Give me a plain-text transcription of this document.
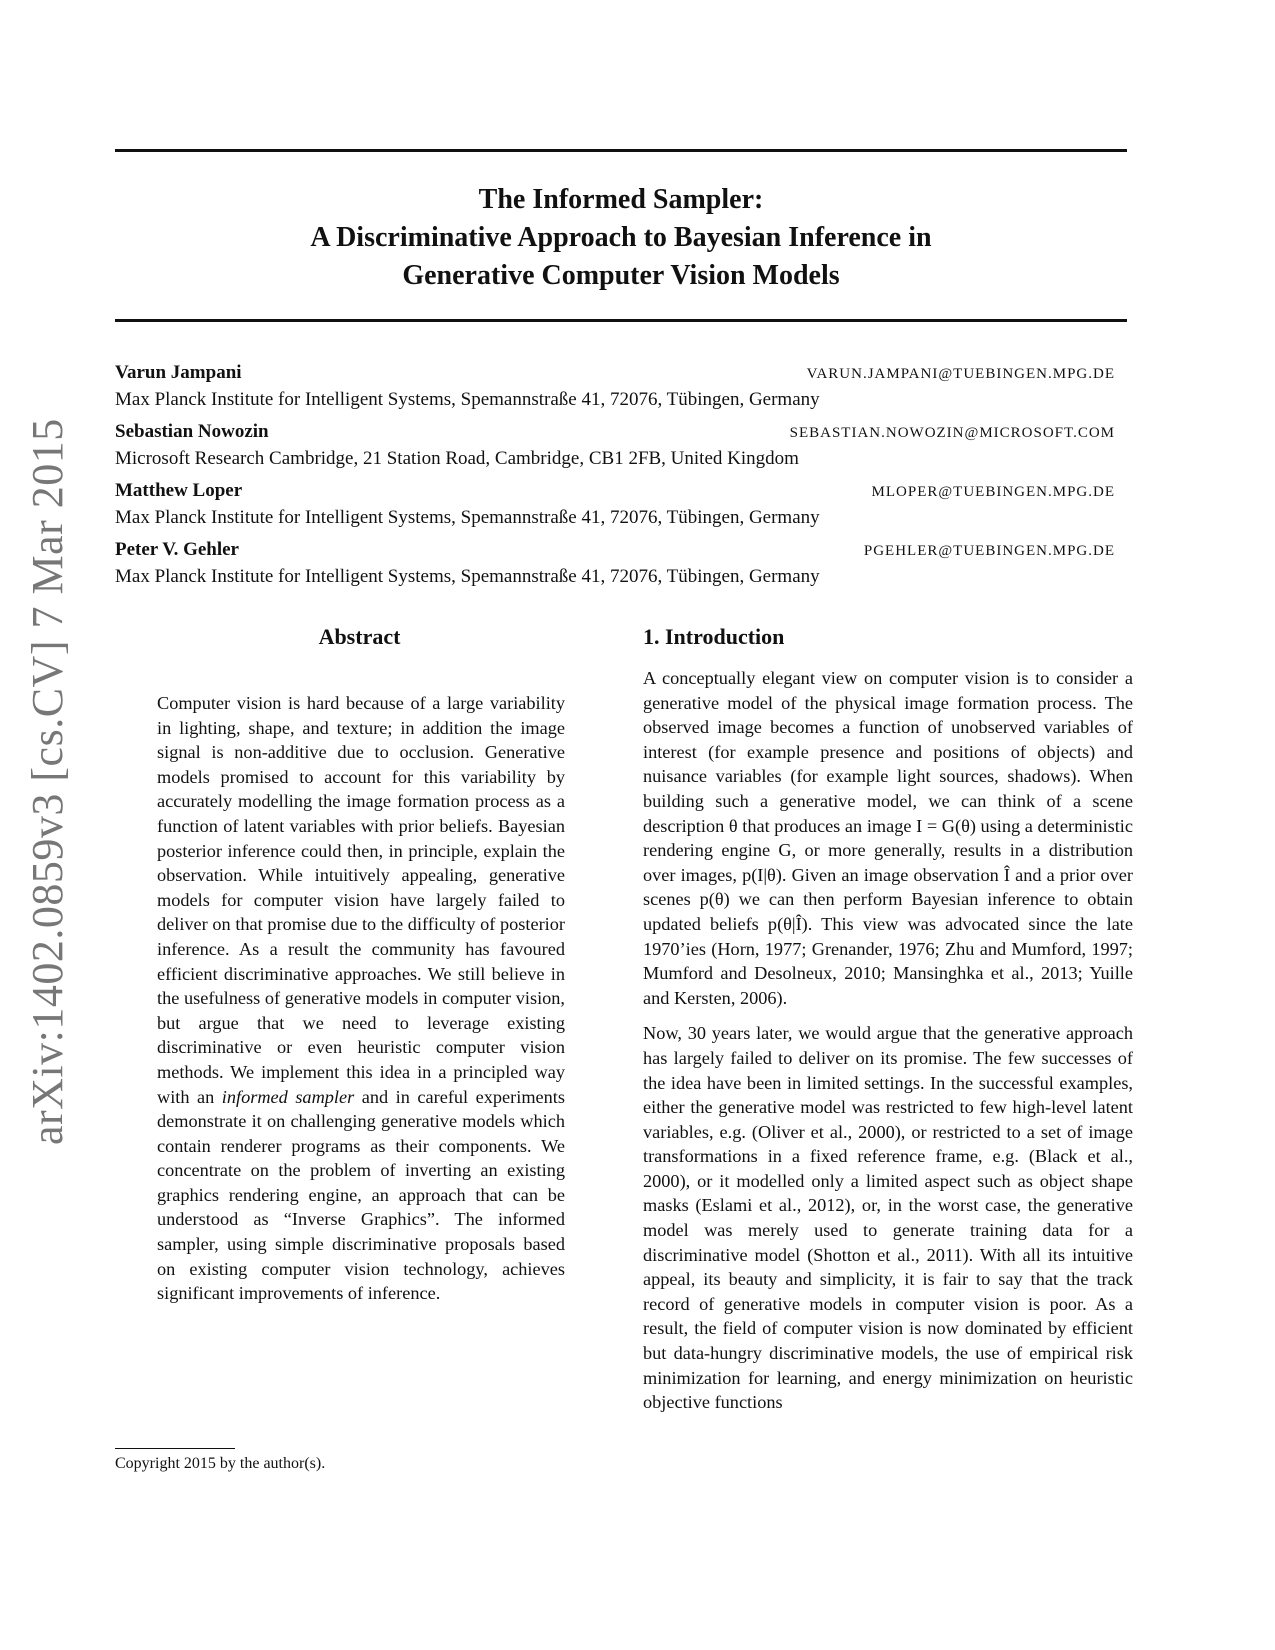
arXiv:1402.0859v3 [cs.CV] 7 Mar 2015
The Informed Sampler:
A Discriminative Approach to Bayesian Inference in
Generative Computer Vision Models
Varun Jampani	VARUN.JAMPANI@TUEBINGEN.MPG.DE
Max Planck Institute for Intelligent Systems, Spemannstraße 41, 72076, Tübingen, Germany
Sebastian Nowozin	SEBASTIAN.NOWOZIN@MICROSOFT.COM
Microsoft Research Cambridge, 21 Station Road, Cambridge, CB1 2FB, United Kingdom
Matthew Loper	MLOPER@TUEBINGEN.MPG.DE
Max Planck Institute for Intelligent Systems, Spemannstraße 41, 72076, Tübingen, Germany
Peter V. Gehler	PGEHLER@TUEBINGEN.MPG.DE
Max Planck Institute for Intelligent Systems, Spemannstraße 41, 72076, Tübingen, Germany
Abstract
Computer vision is hard because of a large variability in lighting, shape, and texture; in addition the image signal is non-additive due to occlusion. Generative models promised to account for this variability by accurately modelling the image formation process as a function of latent variables with prior beliefs. Bayesian posterior inference could then, in principle, explain the observation. While intuitively appealing, generative models for computer vision have largely failed to deliver on that promise due to the difficulty of posterior inference. As a result the community has favoured efficient discriminative approaches. We still believe in the usefulness of generative models in computer vision, but argue that we need to leverage existing discriminative or even heuristic computer vision methods. We implement this idea in a principled way with an informed sampler and in careful experiments demonstrate it on challenging generative models which contain renderer programs as their components. We concentrate on the problem of inverting an existing graphics rendering engine, an approach that can be understood as “Inverse Graphics”. The informed sampler, using simple discriminative proposals based on existing computer vision technology, achieves significant improvements of inference.
Copyright 2015 by the author(s).
1. Introduction

A conceptually elegant view on computer vision is to consider a generative model of the physical image formation process. The observed image becomes a function of unobserved variables of interest (for example presence and positions of objects) and nuisance variables (for example light sources, shadows). When building such a generative model, we can think of a scene description θ that produces an image I = G(θ) using a deterministic rendering engine G, or more generally, results in a distribution over images, p(I|θ). Given an image observation Î and a prior over scenes p(θ) we can then perform Bayesian inference to obtain updated beliefs p(θ|Î). This view was advocated since the late 1970’ies (Horn, 1977; Grenander, 1976; Zhu and Mumford, 1997; Mumford and Desolneux, 2010; Mansinghka et al., 2013; Yuille and Kersten, 2006).

Now, 30 years later, we would argue that the generative approach has largely failed to deliver on its promise. The few successes of the idea have been in limited settings. In the successful examples, either the generative model was restricted to few high-level latent variables, e.g. (Oliver et al., 2000), or restricted to a set of image transformations in a fixed reference frame, e.g. (Black et al., 2000), or it modelled only a limited aspect such as object shape masks (Eslami et al., 2012), or, in the worst case, the generative model was merely used to generate training data for a discriminative model (Shotton et al., 2011). With all its intuitive appeal, its beauty and simplicity, it is fair to say that the track record of generative models in computer vision is poor. As a result, the field of computer vision is now dominated by efficient but data-hungry discriminative models, the use of empirical risk minimization for learning, and energy minimization on heuristic objective functions
